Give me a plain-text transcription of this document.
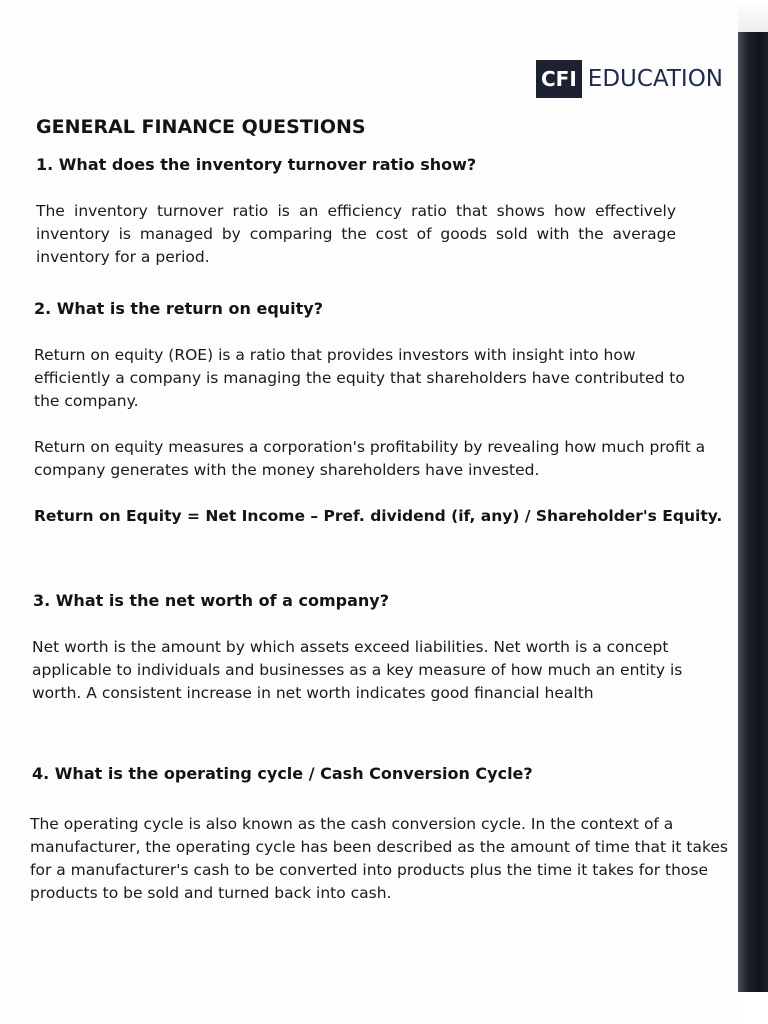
CFI EDUCATION
GENERAL FINANCE QUESTIONS
1. What does the inventory turnover ratio show?

The inventory turnover ratio is an efficiency ratio that shows how effectively inventory is managed by comparing the cost of goods sold with the average inventory for a period.

2. What is the return on equity?

Return on equity (ROE) is a ratio that provides investors with insight into how efficiently a company is managing the equity that shareholders have contributed to the company.

Return on equity measures a corporation's profitability by revealing how much profit a company generates with the money shareholders have invested.

Return on Equity = Net Income – Pref. dividend (if, any) / Shareholder's Equity.

3. What is the net worth of a company?

Net worth is the amount by which assets exceed liabilities. Net worth is a concept applicable to individuals and businesses as a key measure of how much an entity is worth. A consistent increase in net worth indicates good financial health

4. What is the operating cycle / Cash Conversion Cycle?

The operating cycle is also known as the cash conversion cycle. In the context of a manufacturer, the operating cycle has been described as the amount of time that it takes for a manufacturer's cash to be converted into products plus the time it takes for those products to be sold and turned back into cash.
